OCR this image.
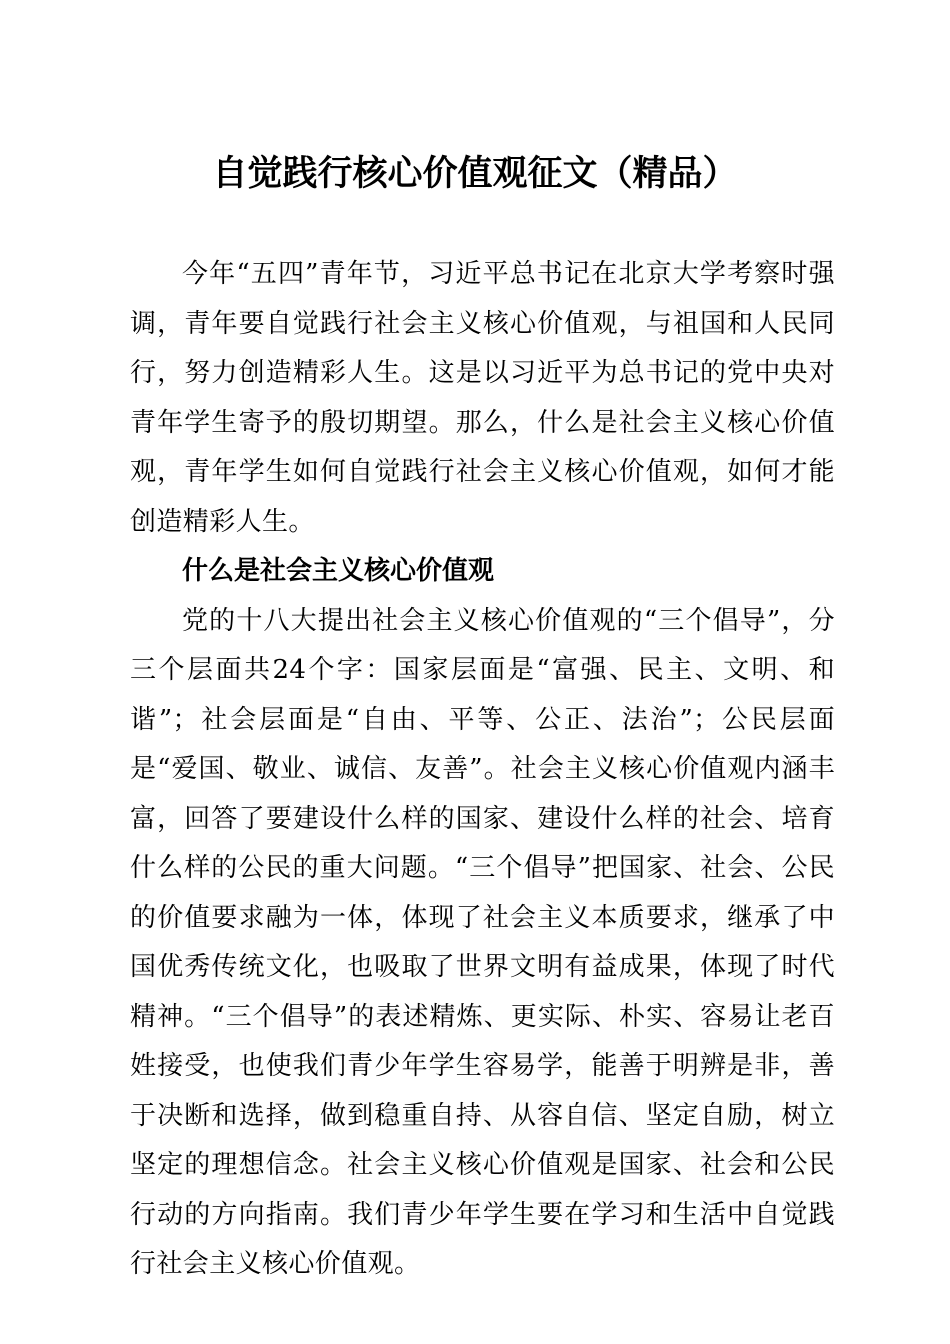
自觉践行核心价值观征文（精品）

今年“五四”青年节，习近平总书记在北京大学考察时强调，青年要自觉践行社会主义核心价值观，与祖国和人民同行，努力创造精彩人生。这是以习近平为总书记的党中央对青年学生寄予的殷切期望。那么，什么是社会主义核心价值观，青年学生如何自觉践行社会主义核心价值观，如何才能创造精彩人生。

什么是社会主义核心价值观

党的十八大提出社会主义核心价值观的“三个倡导”，分三个层面共24个字：国家层面是“富强、民主、文明、和谐”；社会层面是“自由、平等、公正、法治”；公民层面是“爱国、敬业、诚信、友善”。社会主义核心价值观内涵丰富，回答了要建设什么样的国家、建设什么样的社会、培育什么样的公民的重大问题。“三个倡导”把国家、社会、公民的价值要求融为一体，体现了社会主义本质要求，继承了中国优秀传统文化，也吸取了世界文明有益成果，体现了时代精神。“三个倡导”的表述精炼、更实际、朴实、容易让老百姓接受，也使我们青少年学生容易学，能善于明辨是非，善于决断和选择，做到稳重自持、从容自信、坚定自励，树立坚定的理想信念。社会主义核心价值观是国家、社会和公民行动的方向指南。我们青少年学生要在学习和生活中自觉践行社会主义核心价值观。
